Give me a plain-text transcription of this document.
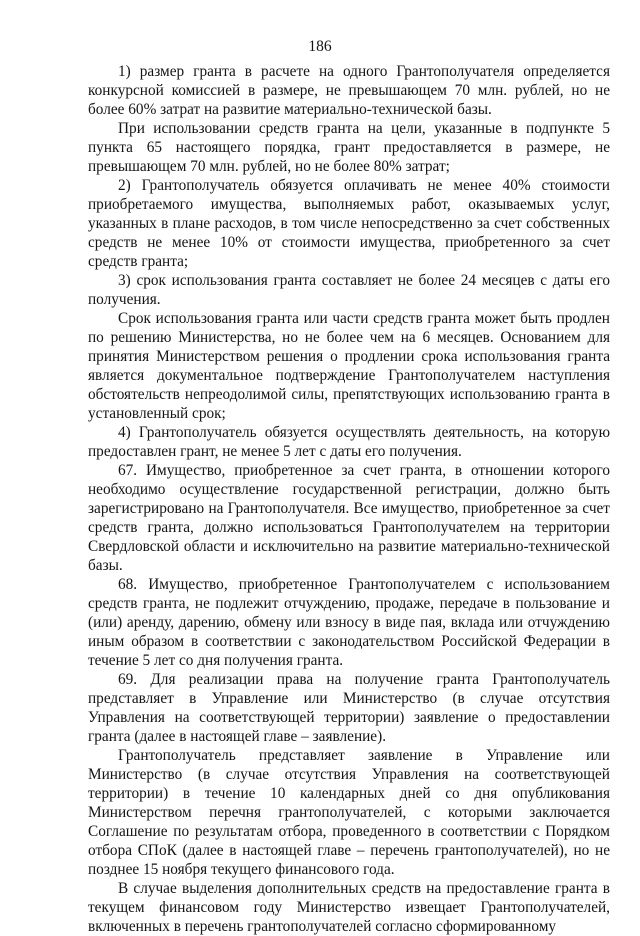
186

1) размер гранта в расчете на одного Грантополучателя определяется конкурсной комиссией в размере, не превышающем 70 млн. рублей, но не более 60% затрат на развитие материально-технической базы.

При использовании средств гранта на цели, указанные в подпункте 5 пункта 65 настоящего порядка, грант предоставляется в размере, не превышающем 70 млн. рублей, но не более 80% затрат;

2) Грантополучатель обязуется оплачивать не менее 40% стоимости приобретаемого имущества, выполняемых работ, оказываемых услуг, указанных в плане расходов, в том числе непосредственно за счет собственных средств не менее 10% от стоимости имущества, приобретенного за счет средств гранта;

3) срок использования гранта составляет не более 24 месяцев с даты его получения.

Срок использования гранта или части средств гранта может быть продлен по решению Министерства, но не более чем на 6 месяцев. Основанием для принятия Министерством решения о продлении срока использования гранта является документальное подтверждение Грантополучателем наступления обстоятельств непреодолимой силы, препятствующих использованию гранта в установленный срок;

4) Грантополучатель обязуется осуществлять деятельность, на которую предоставлен грант, не менее 5 лет с даты его получения.

67. Имущество, приобретенное за счет гранта, в отношении которого необходимо осуществление государственной регистрации, должно быть зарегистрировано на Грантополучателя. Все имущество, приобретенное за счет средств гранта, должно использоваться Грантополучателем на территории Свердловской области и исключительно на развитие материально-технической базы.

68. Имущество, приобретенное Грантополучателем с использованием средств гранта, не подлежит отчуждению, продаже, передаче в пользование и (или) аренду, дарению, обмену или взносу в виде пая, вклада или отчуждению иным образом в соответствии с законодательством Российской Федерации в течение 5 лет со дня получения гранта.

69. Для реализации права на получение гранта Грантополучатель представляет в Управление или Министерство (в случае отсутствия Управления на соответствующей территории) заявление о предоставлении гранта (далее в настоящей главе – заявление).

Грантополучатель представляет заявление в Управление или Министерство (в случае отсутствия Управления на соответствующей территории) в течение 10 календарных дней со дня опубликования Министерством перечня грантополучателей, с которыми заключается Соглашение по результатам отбора, проведенного в соответствии с Порядком отбора СПоК (далее в настоящей главе – перечень грантополучателей), но не позднее 15 ноября текущего финансового года.

В случае выделения дополнительных средств на предоставление гранта в текущем финансовом году Министерство извещает Грантополучателей, включенных в перечень грантополучателей согласно сформированному
